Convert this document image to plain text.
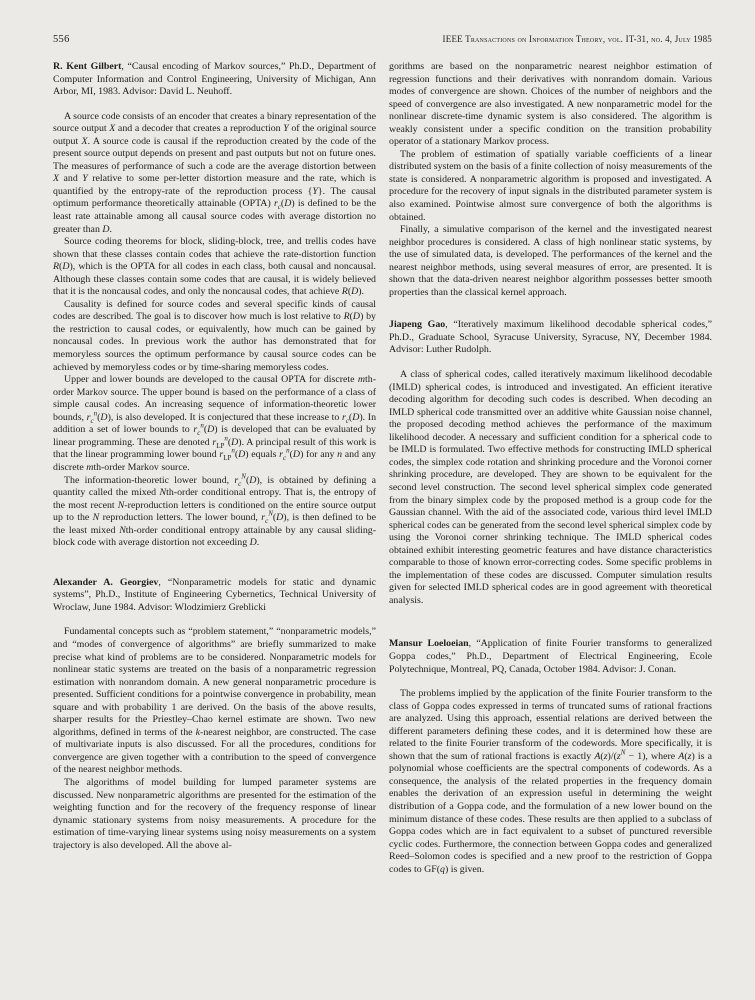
556	IEEE Transactions on Information Theory, vol. IT-31, no. 4, July 1985

R. Kent Gilbert, “Causal encoding of Markov sources,” Ph.D., Department of Computer Information and Control Engineering, University of Michigan, Ann Arbor, MI, 1983. Advisor: David L. Neuhoff.

A source code consists of an encoder that creates a binary representation of the source output X and a decoder that creates a reproduction Y of the original source output X. A source code is causal if the reproduction created by the code of the present source output depends on present and past outputs but not on future ones. The measures of performance of such a code are the average distortion between X and Y relative to some per-letter distortion measure and the rate, which is quantified by the entropy-rate of the reproduction process {Y}. The causal optimum performance theoretically attainable (OPTA) $r_c(D)$ is defined to be the least rate attainable among all causal source codes with average distortion no greater than D.

Source coding theorems for block, sliding-block, tree, and trellis codes have shown that these classes contain codes that achieve the rate-distortion function R(D), which is the OPTA for all codes in each class, both causal and noncausal. Although these classes contain some codes that are causal, it is widely believed that it is the noncausal codes, and only the noncausal codes, that achieve R(D).

Causality is defined for source codes and several specific kinds of causal codes are described. The goal is to discover how much is lost relative to R(D) by the restriction to causal codes, or equivalently, how much can be gained by noncausal codes. In previous work the author has demonstrated that for memoryless sources the optimum performance by causal source codes can be achieved by memoryless codes or by time-sharing memoryless codes.

Upper and lower bounds are developed to the causal OPTA for discrete mth-order Markov source. The upper bound is based on the performance of a class of simple causal codes. An increasing sequence of information-theoretic lower bounds, $r_c^n(D)$, is also developed. It is conjectured that these increase to $r_c(D)$. In addition a set of lower bounds to $r_c^n(D)$ is developed that can be evaluated by linear programming. These are denoted $r_{LP}^n(D)$. A principal result of this work is that the linear programming lower bound $r_{LP}^n(D)$ equals $r_c^n(D)$ for any n and any discrete mth-order Markov source.

The information-theoretic lower bound, $r_c^N(D)$, is obtained by defining a quantity called the mixed Nth-order conditional entropy. That is, the entropy of the most recent N-reproduction letters is conditioned on the entire source output up to the N reproduction letters. The lower bound, $r_c^N(D)$, is then defined to be the least mixed Nth-order conditional entropy attainable by any causal sliding-block code with average distortion not exceeding D.

Alexander A. Georgiev, “Nonparametric models for static and dynamic systems”, Ph.D., Institute of Engineering Cybernetics, Technical University of Wroclaw, June 1984. Advisor: Wlodzimierz Greblicki

Fundamental concepts such as “problem statement,” “nonparametric models,” and “modes of convergence of algorithms” are briefly summarized to make precise what kind of problems are to be considered. Nonparametric models for nonlinear static systems are treated on the basis of a nonparametric regression estimation with nonrandom domain. A new general nonparametric procedure is presented. Sufficient conditions for a pointwise convergence in probability, mean square and with probability 1 are derived. On the basis of the above results, sharper results for the Priestley–Chao kernel estimate are shown. Two new algorithms, defined in terms of the k-nearest neighbor, are constructed. The case of multivariate inputs is also discussed. For all the procedures, conditions for convergence are given together with a contribution to the speed of convergence of the nearest neighbor methods.

The algorithms of model building for lumped parameter systems are discussed. New nonparametric algorithms are presented for the estimation of the weighting function and for the recovery of the frequency response of linear dynamic stationary systems from noisy measurements. A procedure for the estimation of time-varying linear systems using noisy measurements on a system trajectory is also developed. All the above al-

gorithms are based on the nonparametric nearest neighbor estimation of regression functions and their derivatives with nonrandom domain. Various modes of convergence are shown. Choices of the number of neighbors and the speed of convergence are also investigated. A new nonparametric model for the nonlinear discrete-time dynamic system is also considered. The algorithm is weakly consistent under a specific condition on the transition probability operator of a stationary Markov process.

The problem of estimation of spatially variable coefficients of a linear distributed system on the basis of a finite collection of noisy measurements of the state is considered. A nonparametric algorithm is proposed and investigated. A procedure for the recovery of input signals in the distributed parameter system is also examined. Pointwise almost sure convergence of both the algorithms is obtained.

Finally, a simulative comparison of the kernel and the investigated nearest neighbor procedures is considered. A class of high nonlinear static systems, by the use of simulated data, is developed. The performances of the kernel and the nearest neighbor methods, using several measures of error, are presented. It is shown that the data-driven nearest neighbor algorithm possesses better smooth properties than the classical kernel approach.

Jiapeng Gao, “Iteratively maximum likelihood decodable spherical codes,” Ph.D., Graduate School, Syracuse University, Syracuse, NY, December 1984. Advisor: Luther Rudolph.

A class of spherical codes, called iteratively maximum likelihood decodable (IMLD) spherical codes, is introduced and investigated. An efficient iterative decoding algorithm for decoding such codes is described. When decoding an IMLD spherical code transmitted over an additive white Gaussian noise channel, the proposed decoding method achieves the performance of the maximum likelihood decoder. A necessary and sufficient condition for a spherical code to be IMLD is formulated. Two effective methods for constructing IMLD spherical codes, the simplex code rotation and shrinking procedure and the Voronoi corner shrinking procedure, are developed. They are shown to be equivalent for the second level construction. The second level spherical simplex code generated from the binary simplex code by the proposed method is a group code for the Gaussian channel. With the aid of the associated code, various third level IMLD spherical codes can be generated from the second level spherical simplex code by using the Voronoi corner shrinking technique. The IMLD spherical codes obtained exhibit interesting geometric features and have distance characteristics comparable to those of known error-correcting codes. Some specific problems in the implementation of these codes are discussed. Computer simulation results given for selected IMLD spherical codes are in good agreement with theoretical analysis.

Mansur Loeloeian, “Application of finite Fourier transforms to generalized Goppa codes,” Ph.D., Department of Electrical Engineering, Ecole Polytechnique, Montreal, PQ, Canada, October 1984. Advisor: J. Conan.

The problems implied by the application of the finite Fourier transform to the class of Goppa codes expressed in terms of truncated sums of rational fractions are analyzed. Using this approach, essential relations are derived between the different parameters defining these codes, and it is determined how these are related to the finite Fourier transform of the codewords. More specifically, it is shown that the sum of rational fractions is exactly $A(z)/(z^N - 1)$, where A(z) is a polynomial whose coefficients are the spectral components of codewords. As a consequence, the analysis of the related properties in the frequency domain enables the derivation of an expression useful in determining the weight distribution of a Goppa code, and the formulation of a new lower bound on the minimum distance of these codes. These results are then applied to a subclass of Goppa codes which are in fact equivalent to a subset of punctured reversible cyclic codes. Furthermore, the connection between Goppa codes and generalized Reed–Solomon codes is specified and a new proof to the restriction of Goppa codes to GF(q) is given.
